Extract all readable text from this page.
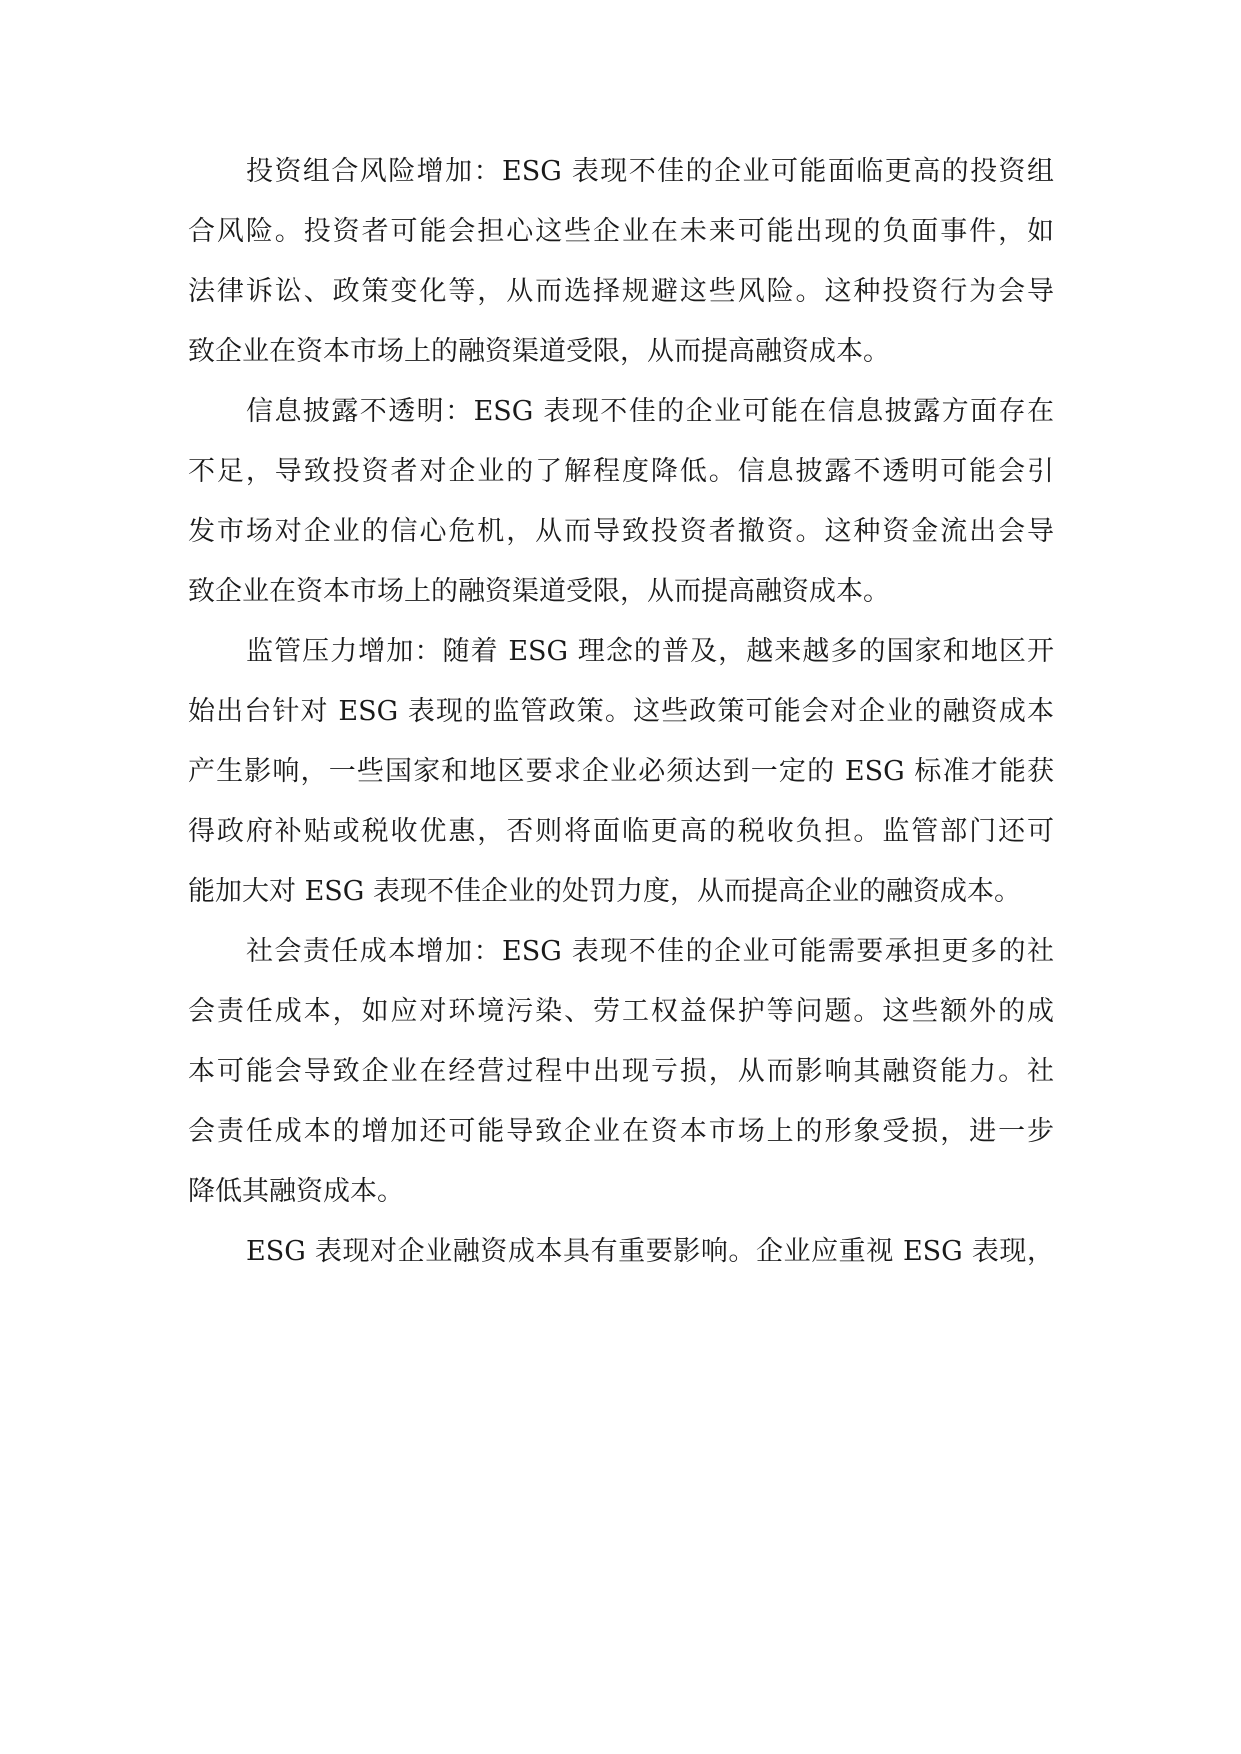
投资组合风险增加：ESG 表现不佳的企业可能面临更高的投资组
合风险。投资者可能会担心这些企业在未来可能出现的负面事件，如
法律诉讼、政策变化等，从而选择规避这些风险。这种投资行为会导
致企业在资本市场上的融资渠道受限，从而提高融资成本。
信息披露不透明：ESG 表现不佳的企业可能在信息披露方面存在
不足，导致投资者对企业的了解程度降低。信息披露不透明可能会引
发市场对企业的信心危机，从而导致投资者撤资。这种资金流出会导
致企业在资本市场上的融资渠道受限，从而提高融资成本。
监管压力增加：随着 ESG 理念的普及，越来越多的国家和地区开
始出台针对 ESG 表现的监管政策。这些政策可能会对企业的融资成本
产生影响，一些国家和地区要求企业必须达到一定的 ESG 标准才能获
得政府补贴或税收优惠，否则将面临更高的税收负担。监管部门还可
能加大对 ESG 表现不佳企业的处罚力度，从而提高企业的融资成本。
社会责任成本增加：ESG 表现不佳的企业可能需要承担更多的社
会责任成本，如应对环境污染、劳工权益保护等问题。这些额外的成
本可能会导致企业在经营过程中出现亏损，从而影响其融资能力。社
会责任成本的增加还可能导致企业在资本市场上的形象受损，进一步
降低其融资成本。
ESG 表现对企业融资成本具有重要影响。企业应重视 ESG 表现，
